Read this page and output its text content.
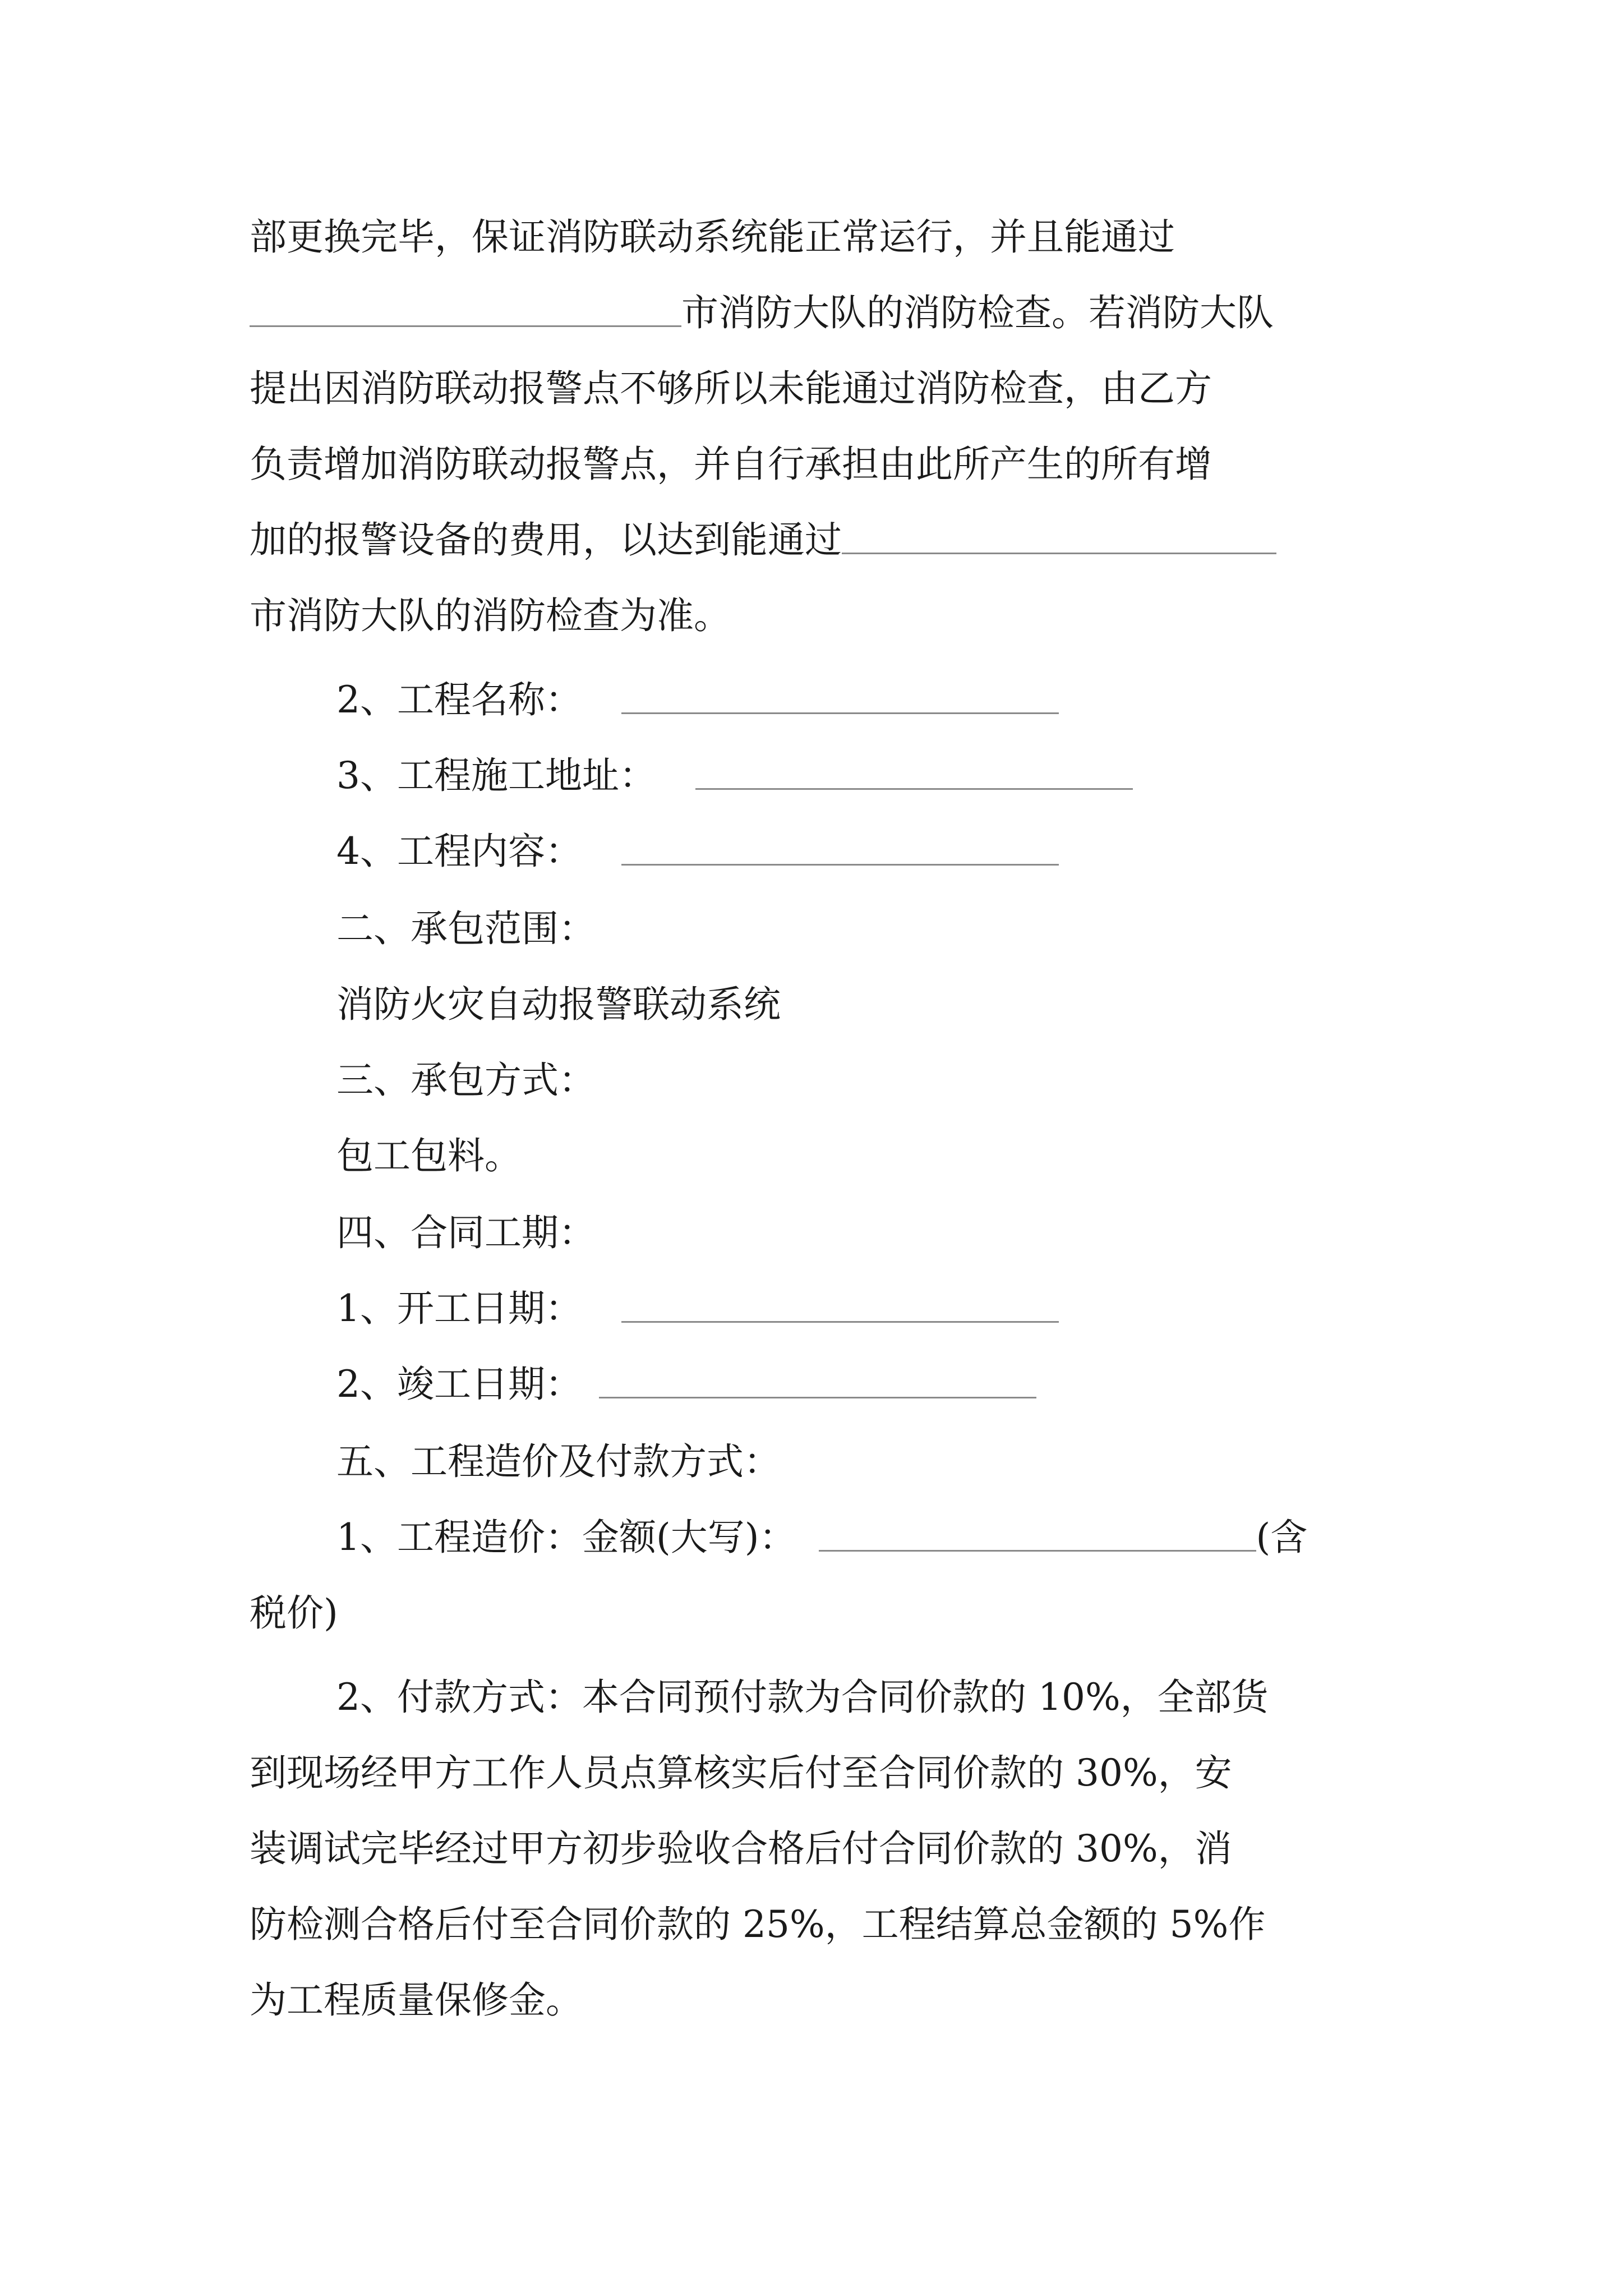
部更换完毕，保证消防联动系统能正常运行，并且能通过
市消防大队的消防检查。若消防大队
提出因消防联动报警点不够所以未能通过消防检查，由乙方
负责增加消防联动报警点，并自行承担由此所产生的所有增
加的报警设备的费用，以达到能通过
市消防大队的消防检查为准。
2、工程名称：
3、工程施工地址：
4、工程内容：
二、承包范围：
消防火灾自动报警联动系统
三、承包方式：
包工包料。
四、合同工期：
1、开工日期：
2、竣工日期：
五、工程造价及付款方式：
1、工程造价：金额(大写)：	(含
税价)
2、付款方式：本合同预付款为合同价款的 10%，全部货
到现场经甲方工作人员点算核实后付至合同价款的 30%，安
装调试完毕经过甲方初步验收合格后付合同价款的 30%，消
防检测合格后付至合同价款的 25%，工程结算总金额的 5%作
为工程质量保修金。
